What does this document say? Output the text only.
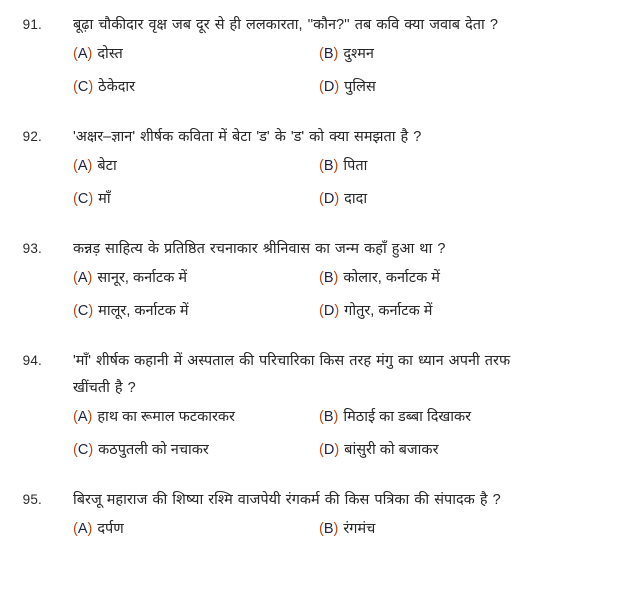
91. बूढ़ा चौकीदार वृक्ष जब दूर से ही ललकारता, ''कौन?'' तब कवि क्या जवाब देता ?
(A) दोस्त	(B) दुश्मन
(C) ठेकेदार	(D) पुलिस
92. 'अक्षर–ज्ञान' शीर्षक कविता में बेटा 'ड' के 'ड' को क्या समझता है ?
(A) बेटा	(B) पिता
(C) माँ	(D) दादा
93. कन्नड़ साहित्य के प्रतिष्ठित रचनाकार श्रीनिवास का जन्म कहाँ हुआ था ?
(A) सानूर, कर्नाटक में	(B) कोलार, कर्नाटक में
(C) मालूर, कर्नाटक में	(D) गोतुर, कर्नाटक में
94. 'माँ' शीर्षक कहानी में अस्पताल की परिचारिका किस तरह मंगु का ध्यान अपनी तरफ
खींचती है ?
(A) हाथ का रूमाल फटकारकर	(B) मिठाई का डब्बा दिखाकर
(C) कठपुतली को नचाकर	(D) बांसुरी को बजाकर
95. बिरजू महाराज की शिष्या रश्मि वाजपेयी रंगकर्म की किस पत्रिका की संपादक है ?
(A) दर्पण	(B) रंगमंच
